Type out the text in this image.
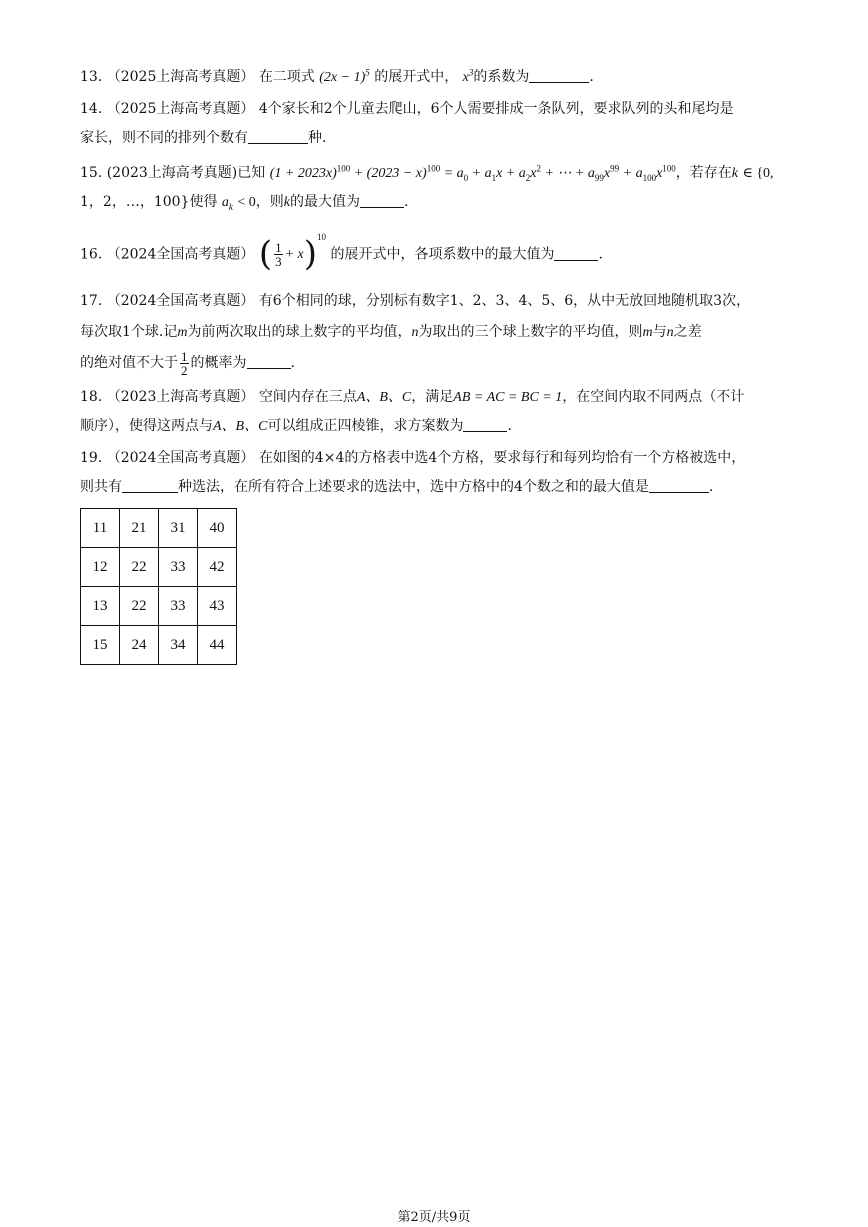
13. （2025上海高考真题） 在二项式 $(2x - 1)^5$ 的展开式中， $x^3$的系数为	.
14. （2025上海高考真题） 4个家长和2个儿童去爬山，6个人需要排成一条队列，要求队列的头和尾均是
家长，则不同的排列个数有	种.
15. (2023上海高考真题)已知 $(1 + 2023x)^{100} + (2023 - x)^{100} = a_0 + a_1x + a_2x^2$ + ⋯ + $a_{99}x^{99} + a_{100}x^{100}$，若存在k ∈ {0,
1，2，…，100}使得 $a_k < 0$，则k的最大值为	.
16. （2024全国高考真题） ( $\frac{1}{3} + x)^{10}$ 的展开式中，各项系数中的最大值为	.
17. （2024全国高考真题） 有6个相同的球，分别标有数字1、2、3、4、5、6，从中无放回地随机取3次，
每次取1个球.记m为前两次取出的球上数字的平均值，n为取出的三个球上数字的平均值，则m与n之差
的绝对值不大于 $\frac{1}{2}$ 的概率为	.
18. （2023上海高考真题） 空间内存在三点A、B、C，满足AB = AC = BC = 1，在空间内取不同两点（不计
顺序），使得这两点与A、B、C可以组成正四棱锥，求方案数为	.
19. （2024全国高考真题） 在如图的4×4的方格表中选4个方格，要求每行和每列均恰有一个方格被选中，
则共有	种选法，在所有符合上述要求的选法中，选中方格中的4个数之和的最大值是	.
11	21	31	40
12	22	33	42
13	22	33	43
15	24	34	44
第2页/共9页
